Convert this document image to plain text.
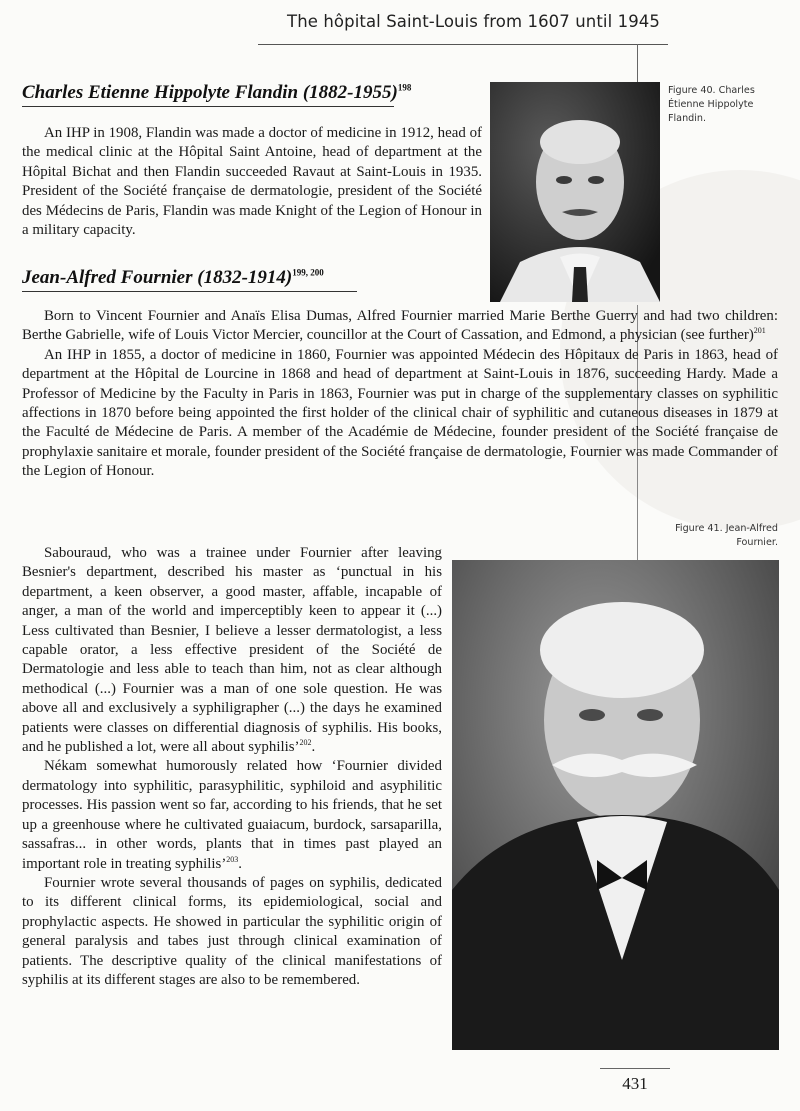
The hôpital Saint-Louis from 1607 until 1945
Figure 40. Charles Étienne Hippolyte Flandin.
Charles Etienne Hippolyte Flandin (1882-1955)$^{198}$

An IHP in 1908, Flandin was made a doctor of medicine in 1912, head of the medical clinic at the Hôpital Saint Antoine, head of department at the Hôpital Bichat and then Flandin succeeded Ravaut at Saint-Louis in 1935. President of the Société française de dermatologie, president of the Société des Médecins de Paris, Flandin was made Knight of the Legion of Honour in a military capacity.

Jean-Alfred Fournier (1832-1914)$^{199, 200}$

Born to Vincent Fournier and Anaïs Elisa Dumas, Alfred Fournier married Marie Berthe Guerry and had two children: Berthe Gabrielle, wife of Louis Victor Mercier, councillor at the Court of Cassation, and Edmond, a physician (see further)$^{201}$

An IHP in 1855, a doctor of medicine in 1860, Fournier was appointed Médecin des Hôpitaux de Paris in 1863, head of department at the Hôpital de Lourcine in 1868 and head of department at Saint-Louis in 1876, succeeding Hardy. Made a Professor of Medicine by the Faculty in Paris in 1863, Fournier was put in charge of the supplementary classes on syphilitic affections in 1870 before being appointed the first holder of the clinical chair of syphilitic and cutaneous diseases in 1879 at the Faculté de Médecine de Paris. A member of the Académie de Médecine, founder president of the Société française de prophylaxie sanitaire et morale, founder president of the Société française de dermatologie, Fournier was made Commander of the Legion of Honour.

Figure 41. Jean-Alfred Fournier.

Sabouraud, who was a trainee under Fournier after leaving Besnier's department, described his master as ‘punctual in his department, a keen observer, a good master, affable, incapable of anger, a man of the world and imperceptibly keen to appear it (...) Less cultivated than Besnier, I believe a lesser dermatologist, a less capable orator, a less effective president of the Société de Dermatologie and less able to teach than him, not as clear although methodical (...) Fournier was a man of one sole question. He was above all and exclusively a syphiligrapher (...) the days he examined patients were classes on differential diagnosis of syphilis. His books, and he published a lot, were all about syphilis’$^{202}$.

Nékam somewhat humorously related how ‘Fournier divided dermatology into syphilitic, parasyphilitic, syphiloid and asyphilitic processes. His passion went so far, according to his friends, that he set up a greenhouse where he cultivated guaiacum, burdock, sarsaparilla, sassafras... in other words, plants that in times past played an important role in treating syphilis’$^{203}$.

Fournier wrote several thousands of pages on syphilis, dedicated to its different clinical forms, its epidemiological, social and prophylactic aspects. He showed in particular the syphilitic origin of general paralysis and tabes just through clinical examination of patients. The descriptive quality of the clinical manifestations of syphilis at its different stages are also to be remembered.

431
